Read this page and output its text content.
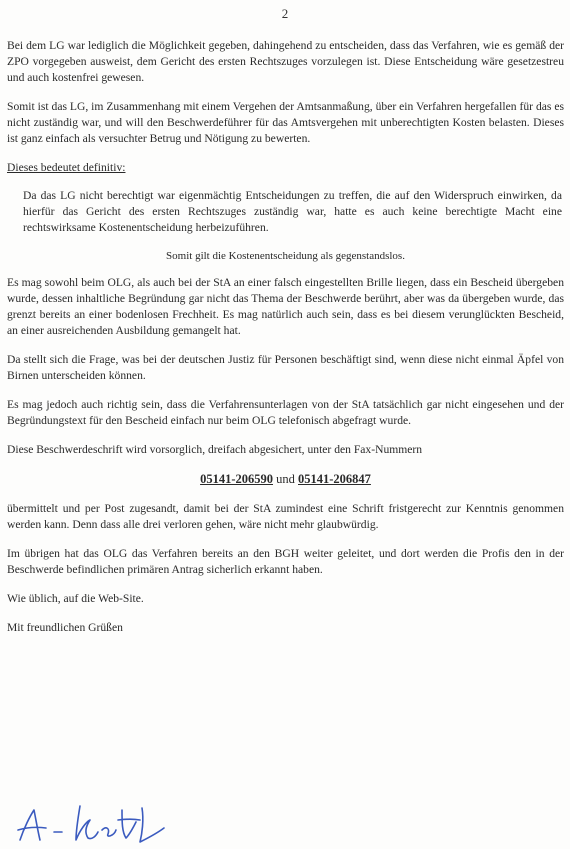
2

Bei dem LG war lediglich die Möglichkeit gegeben, dahingehend zu entscheiden, dass das Verfahren, wie es gemäß der ZPO vorgegeben ausweist, dem Gericht des ersten Rechtszuges vorzulegen ist. Diese Entscheidung wäre gesetzestreu und auch kostenfrei gewesen.

Somit ist das LG, im Zusammenhang mit einem Vergehen der Amtsanmaßung, über ein Verfahren hergefallen für das es nicht zuständig war, und will den Beschwerdeführer für das Amtsvergehen mit unberechtigten Kosten belasten. Dieses ist ganz einfach als versuchter Betrug und Nötigung zu bewerten.

Dieses bedeutet definitiv:

Da das LG nicht berechtigt war eigenmächtig Entscheidungen zu treffen, die auf den Widerspruch einwirken, da hierfür das Gericht des ersten Rechtszuges zuständig war, hatte es auch keine berechtigte Macht eine rechtswirksame Kostenentscheidung herbeizuführen.

Somit gilt die Kostenentscheidung als gegenstandslos.

Es mag sowohl beim OLG, als auch bei der StA an einer falsch eingestellten Brille liegen, dass ein Bescheid übergeben wurde, dessen inhaltliche Begründung gar nicht das Thema der Beschwerde berührt, aber was da übergeben wurde, das grenzt bereits an einer bodenlosen Frechheit. Es mag natürlich auch sein, dass es bei diesem verunglückten Bescheid, an einer ausreichenden Ausbildung gemangelt hat.

Da stellt sich die Frage, was bei der deutschen Justiz für Personen beschäftigt sind, wenn diese nicht einmal Äpfel von Birnen unterscheiden können.

Es mag jedoch auch richtig sein, dass die Verfahrensunterlagen von der StA tatsächlich gar nicht eingesehen und der Begründungstext für den Bescheid einfach nur beim OLG telefonisch abgefragt wurde.

Diese Beschwerdeschrift wird vorsorglich, dreifach abgesichert, unter den Fax-Nummern

05141-206590 und 05141-206847

übermittelt und per Post zugesandt, damit bei der StA zumindest eine Schrift fristgerecht zur Kenntnis genommen werden kann. Denn dass alle drei verloren gehen, wäre nicht mehr glaubwürdig.

Im übrigen hat das OLG das Verfahren bereits an den BGH weiter geleitet, und dort werden die Profis den in der Beschwerde befindlichen primären Antrag sicherlich erkannt haben.

Wie üblich, auf die Web-Site.

Mit freundlichen Grüßen
